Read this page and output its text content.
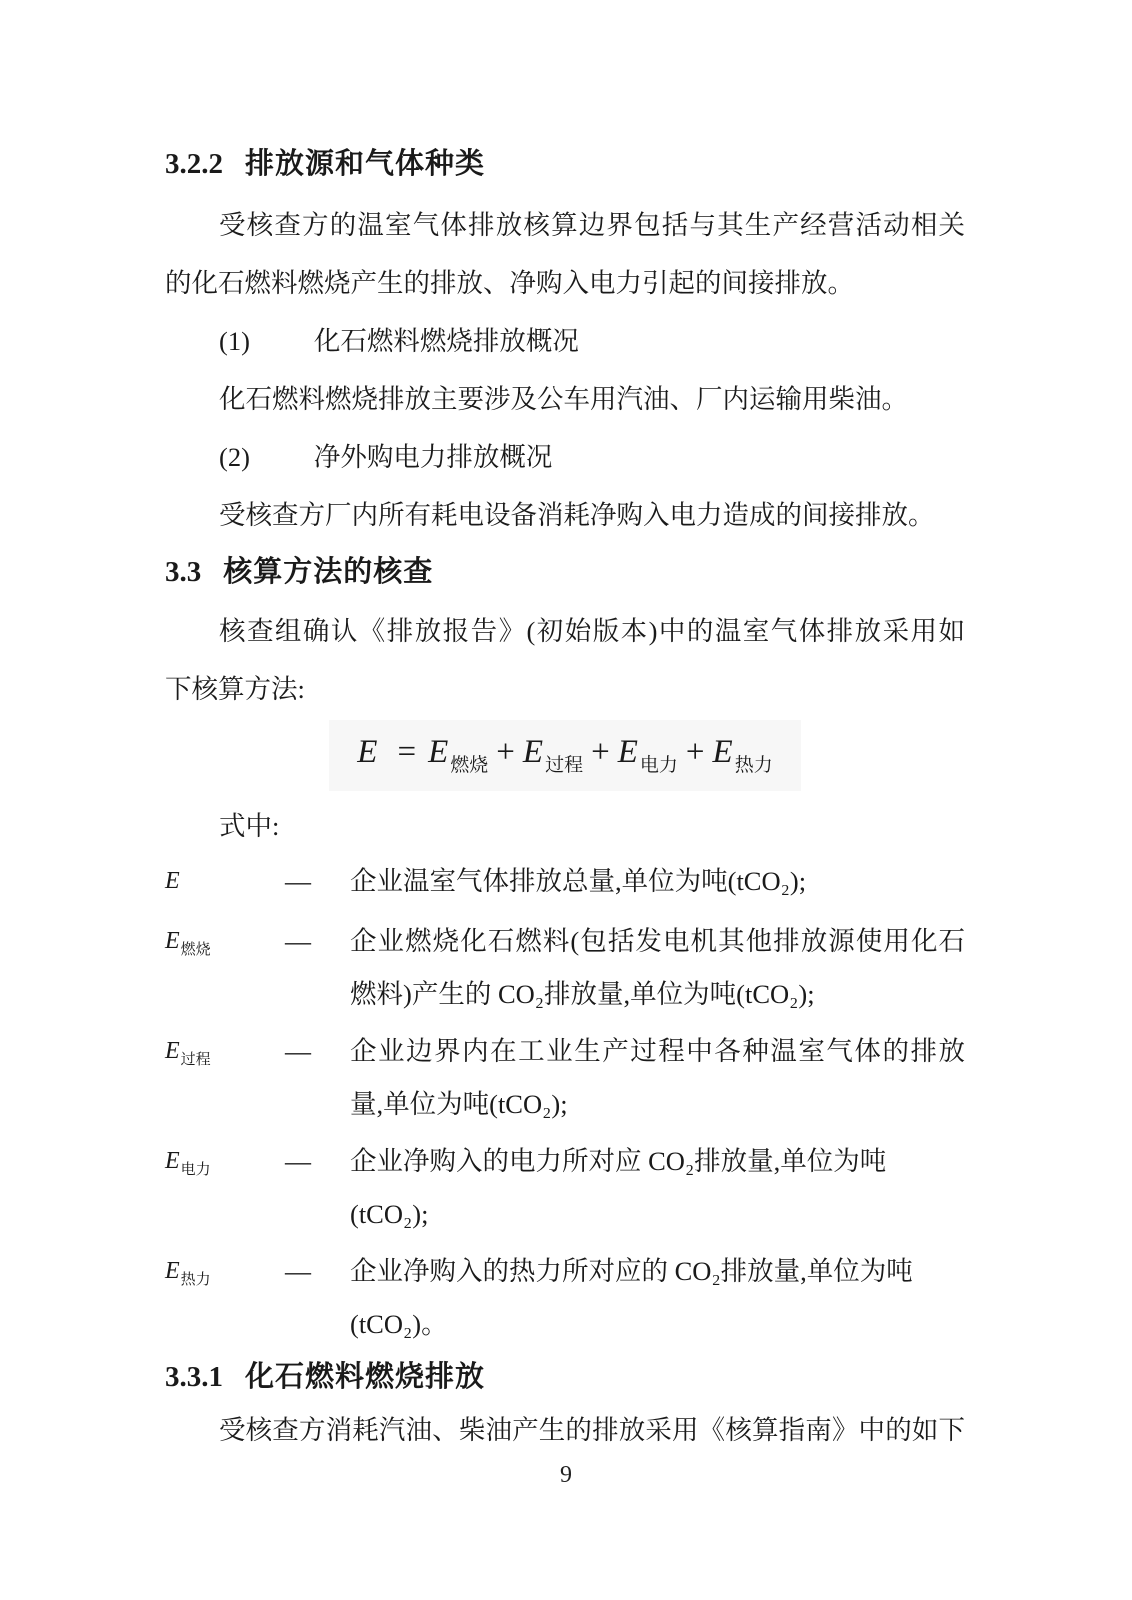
3.2.2 排放源和气体种类
受核查方的温室气体排放核算边界包括与其生产经营活动相关
的化石燃料燃烧产生的排放、净购入电力引起的间接排放。
(1) 化石燃料燃烧排放概况
化石燃料燃烧排放主要涉及公车用汽油、厂内运输用柴油。
(2) 净外购电力排放概况
受核查方厂内所有耗电设备消耗净购入电力造成的间接排放。
3.3 核算方法的核查
核查组确认《排放报告》(初始版本)中的温室气体排放采用如
下核算方法:
E = E $_{燃烧}$ + E $_{过程}$ + E $_{电力}$ + E $_{热力}$
式中:
E	—	企业温室气体排放总量,单位为吨(tCO₂);
$E_{燃烧}$	—	企业燃烧化石燃料(包括发电机其他排放源使用化石
燃料)产生的 CO₂排放量,单位为吨(tCO₂);
$E_{过程}$	—	企业边界内在工业生产过程中各种温室气体的排放
量,单位为吨(tCO₂);
$E_{电力}$	—	企业净购入的电力所对应 CO₂排放量,单位为吨
(tCO₂);
$E_{热力}$	—	企业净购入的热力所对应的 CO₂排放量,单位为吨
(tCO₂)。
3.3.1 化石燃料燃烧排放
受核查方消耗汽油、柴油产生的排放采用《核算指南》中的如下
9
